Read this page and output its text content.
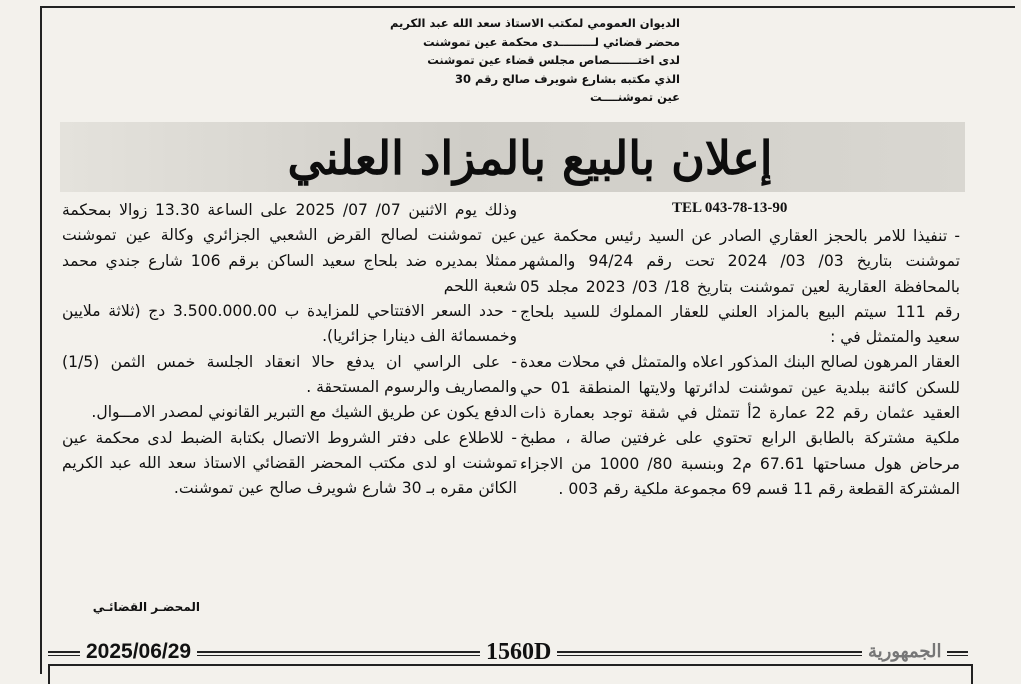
الديوان العمومي لمكتب الاستاذ سعد الله عبد الكريم
محضر قضائي لـــــــــدى محكمة عين تموشنت
لدى اختـــــــصاص مجلس قضاء عين تموشنت
الذي مكتبه بشارع شويرف صالح رقم 30
عين تموشنــــت
إعلان بالبيع بالمزاد العلني
TEL 043-78-13-90

- تنفيذا للامر بالحجز العقاري الصادر عن السيد رئيس محكمة عين تموشنت بتاريخ 03/ 03/ 2024 تحت رقم 94/24 والمشهر بالمحافظة العقارية لعين تموشنت بتاريخ 18/ 03/ 2023 مجلد 05 رقم 111 سيتم البيع بالمزاد العلني للعقار المملوك للسيد بلحاج سعيد والمتمثل في :

العقار المرهون لصالح البنك المذكور اعلاه والمتمثل في محلات معدة للسكن كائنة ببلدية عين تموشنت لدائرتها ولايتها المنطقة 01 حي العقيد عثمان رقم 22 عمارة 2أ تتمثل في شقة توجد بعمارة ذات ملكية مشتركة بالطابق الرابع تحتوي على غرفتين صالة ، مطبخ مرحاض هول مساحتها 67.61 م2 وبنسبة 80/ 1000 من الاجزاء المشتركة القطعة رقم 11 قسم 69 مجموعة ملكية رقم 003 .

وذلك يوم الاثنين 07/ 07/ 2025 على الساعة 13.30 زوالا بمحكمة عين تموشنت لصالح القرض الشعبي الجزائري وكالة عين تموشنت ممثلا بمديره ضد بلحاج سعيد الساكن برقم 106 شارع جندي محمد شعبة اللحم

- حدد السعر الافتتاحي للمزايدة ب 3.500.000.00 دج (ثلاثة ملايين وخمسمائة الف دينارا جزائريا).

- على الراسي ان يدفع حالا انعقاد الجلسة خمس الثمن (1/5) والمصاريف والرسوم المستحقة .

الدفع يكون عن طريق الشيك مع التبرير القانوني لمصدر الامـــوال.

- للاطلاع على دفتر الشروط الاتصال بكتابة الضبط لدى محكمة عين تموشنت او لدى مكتب المحضر القضائي الاستاذ سعد الله عبد الكريم الكائن مقره بـ 30 شارع شويرف صالح عين تموشنت.

المحضـر القضائـي
2025/06/29	1560D	الجمهورية
